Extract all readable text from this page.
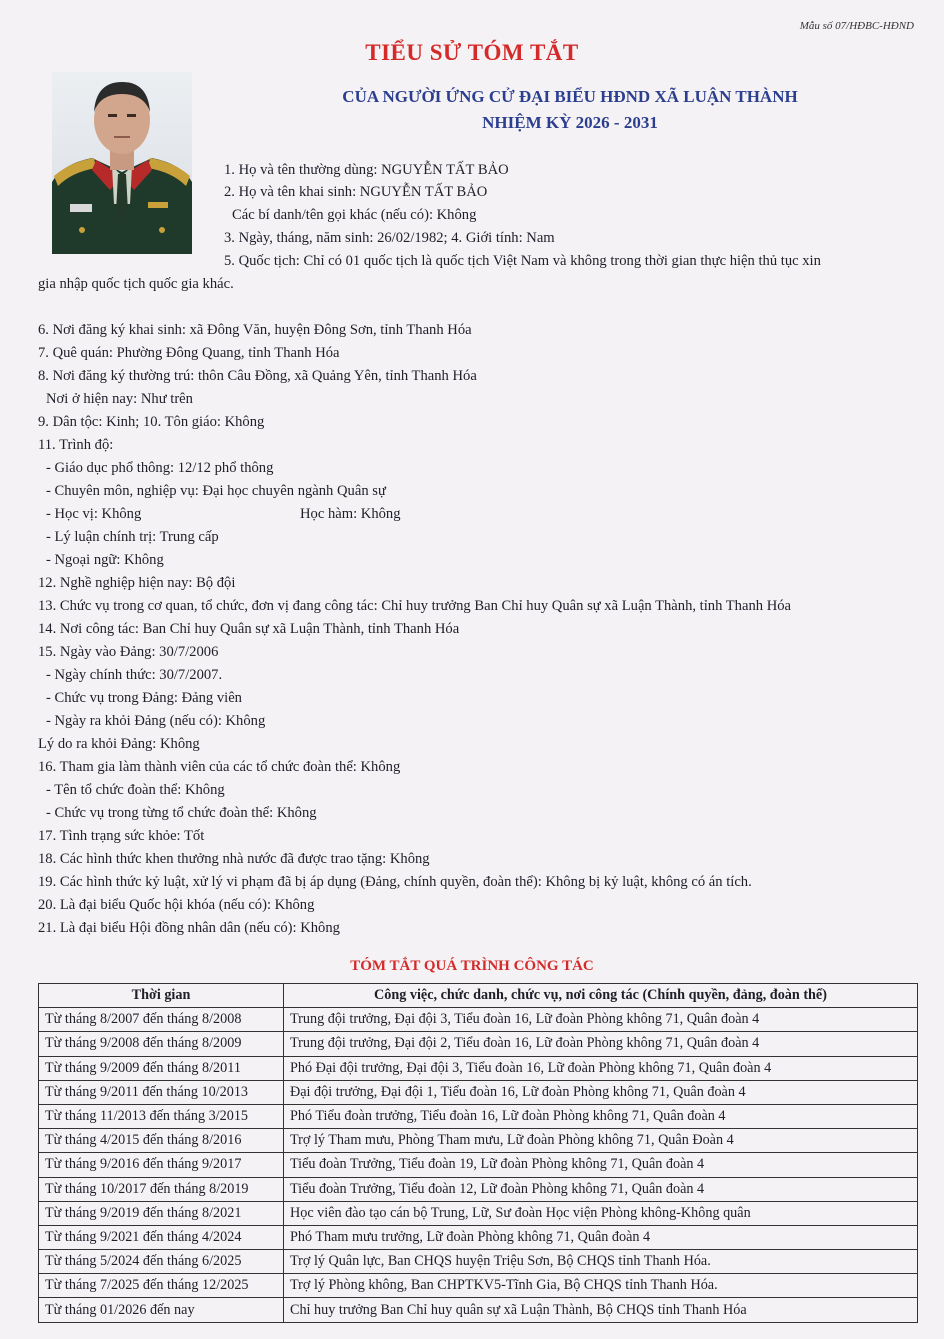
Mẫu số 07/HĐBC-HĐND
TIỂU SỬ TÓM TẮT
CỦA NGƯỜI ỨNG CỬ ĐẠI BIỂU HĐND XÃ LUẬN THÀNH
NHIỆM KỲ 2026 - 2031
1. Họ và tên thường dùng: NGUYỄN TẤT BẢO
2. Họ và tên khai sinh: NGUYỄN TẤT BẢO
Các bí danh/tên gọi khác (nếu có): Không
3. Ngày, tháng, năm sinh: 26/02/1982; 4. Giới tính: Nam
5. Quốc tịch: Chỉ có 01 quốc tịch là quốc tịch Việt Nam và không trong thời gian thực hiện thủ tục xin
gia nhập quốc tịch quốc gia khác.
6. Nơi đăng ký khai sinh: xã Đông Văn, huyện Đông Sơn, tỉnh Thanh Hóa
7. Quê quán: Phường Đông Quang, tỉnh Thanh Hóa
8. Nơi đăng ký thường trú: thôn Câu Đồng, xã Quảng Yên, tỉnh Thanh Hóa
Nơi ở hiện nay: Như trên
9. Dân tộc: Kinh; 10. Tôn giáo: Không
11. Trình độ:
- Giáo dục phổ thông: 12/12 phổ thông
- Chuyên môn, nghiệp vụ: Đại học chuyên ngành Quân sự
- Học vị: Không	Học hàm: Không
- Lý luận chính trị: Trung cấp
- Ngoại ngữ: Không
12. Nghề nghiệp hiện nay: Bộ đội
13. Chức vụ trong cơ quan, tổ chức, đơn vị đang công tác: Chỉ huy trưởng Ban Chỉ huy Quân sự xã Luận Thành, tỉnh Thanh Hóa
14. Nơi công tác: Ban Chỉ huy Quân sự xã Luận Thành, tỉnh Thanh Hóa
15. Ngày vào Đảng: 30/7/2006
- Ngày chính thức: 30/7/2007.
- Chức vụ trong Đảng: Đảng viên
- Ngày ra khỏi Đảng (nếu có): Không
Lý do ra khỏi Đảng: Không
16. Tham gia làm thành viên của các tổ chức đoàn thể: Không
- Tên tổ chức đoàn thể: Không
- Chức vụ trong từng tổ chức đoàn thể: Không
17. Tình trạng sức khỏe: Tốt
18. Các hình thức khen thưởng nhà nước đã được trao tặng: Không
19. Các hình thức kỷ luật, xử lý vi phạm đã bị áp dụng (Đảng, chính quyền, đoàn thể): Không bị kỷ luật, không có án tích.
20. Là đại biểu Quốc hội khóa (nếu có): Không
21. Là đại biểu Hội đồng nhân dân (nếu có): Không
TÓM TẮT QUÁ TRÌNH CÔNG TÁC
Thời gian	Công việc, chức danh, chức vụ, nơi công tác (Chính quyền, đảng, đoàn thể)
Từ tháng 8/2007 đến tháng 8/2008	Trung đội trưởng, Đại đội 3, Tiểu đoàn 16, Lữ đoàn Phòng không 71, Quân đoàn 4
Từ tháng 9/2008 đến tháng 8/2009	Trung đội trưởng, Đại đội 2, Tiểu đoàn 16, Lữ đoàn Phòng không 71, Quân đoàn 4
Từ tháng 9/2009 đến tháng 8/2011	Phó Đại đội trưởng, Đại đội 3, Tiểu đoàn 16, Lữ đoàn Phòng không 71, Quân đoàn 4
Từ tháng 9/2011 đến tháng 10/2013	Đại đội trưởng, Đại đội 1, Tiểu đoàn 16, Lữ đoàn Phòng không 71, Quân đoàn 4
Từ tháng 11/2013 đến tháng 3/2015	Phó Tiểu đoàn trưởng, Tiểu đoàn 16, Lữ đoàn Phòng không 71, Quân đoàn 4
Từ tháng 4/2015 đến tháng 8/2016	Trợ lý Tham mưu, Phòng Tham mưu, Lữ đoàn Phòng không 71, Quân Đoàn 4
Từ tháng 9/2016 đến tháng 9/2017	Tiểu đoàn Trưởng, Tiểu đoàn 19, Lữ đoàn Phòng không 71, Quân đoàn 4
Từ tháng 10/2017 đến tháng 8/2019	Tiểu đoàn Trưởng, Tiểu đoàn 12, Lữ đoàn Phòng không 71, Quân đoàn 4
Từ tháng 9/2019 đến tháng 8/2021	Học viên đào tạo cán bộ Trung, Lữ, Sư đoàn Học viện Phòng không-Không quân
Từ tháng 9/2021 đến tháng 4/2024	Phó Tham mưu trưởng, Lữ đoàn Phòng không 71, Quân đoàn 4
Từ tháng 5/2024 đến tháng 6/2025	Trợ lý Quân lực, Ban CHQS huyện Triệu Sơn, Bộ CHQS tỉnh Thanh Hóa.
Từ tháng 7/2025 đến tháng 12/2025	Trợ lý Phòng không, Ban CHPTKV5-Tĩnh Gia, Bộ CHQS tỉnh Thanh Hóa.
Từ tháng 01/2026 đến nay	Chỉ huy trưởng Ban Chỉ huy quân sự xã Luận Thành, Bộ CHQS tỉnh Thanh Hóa
